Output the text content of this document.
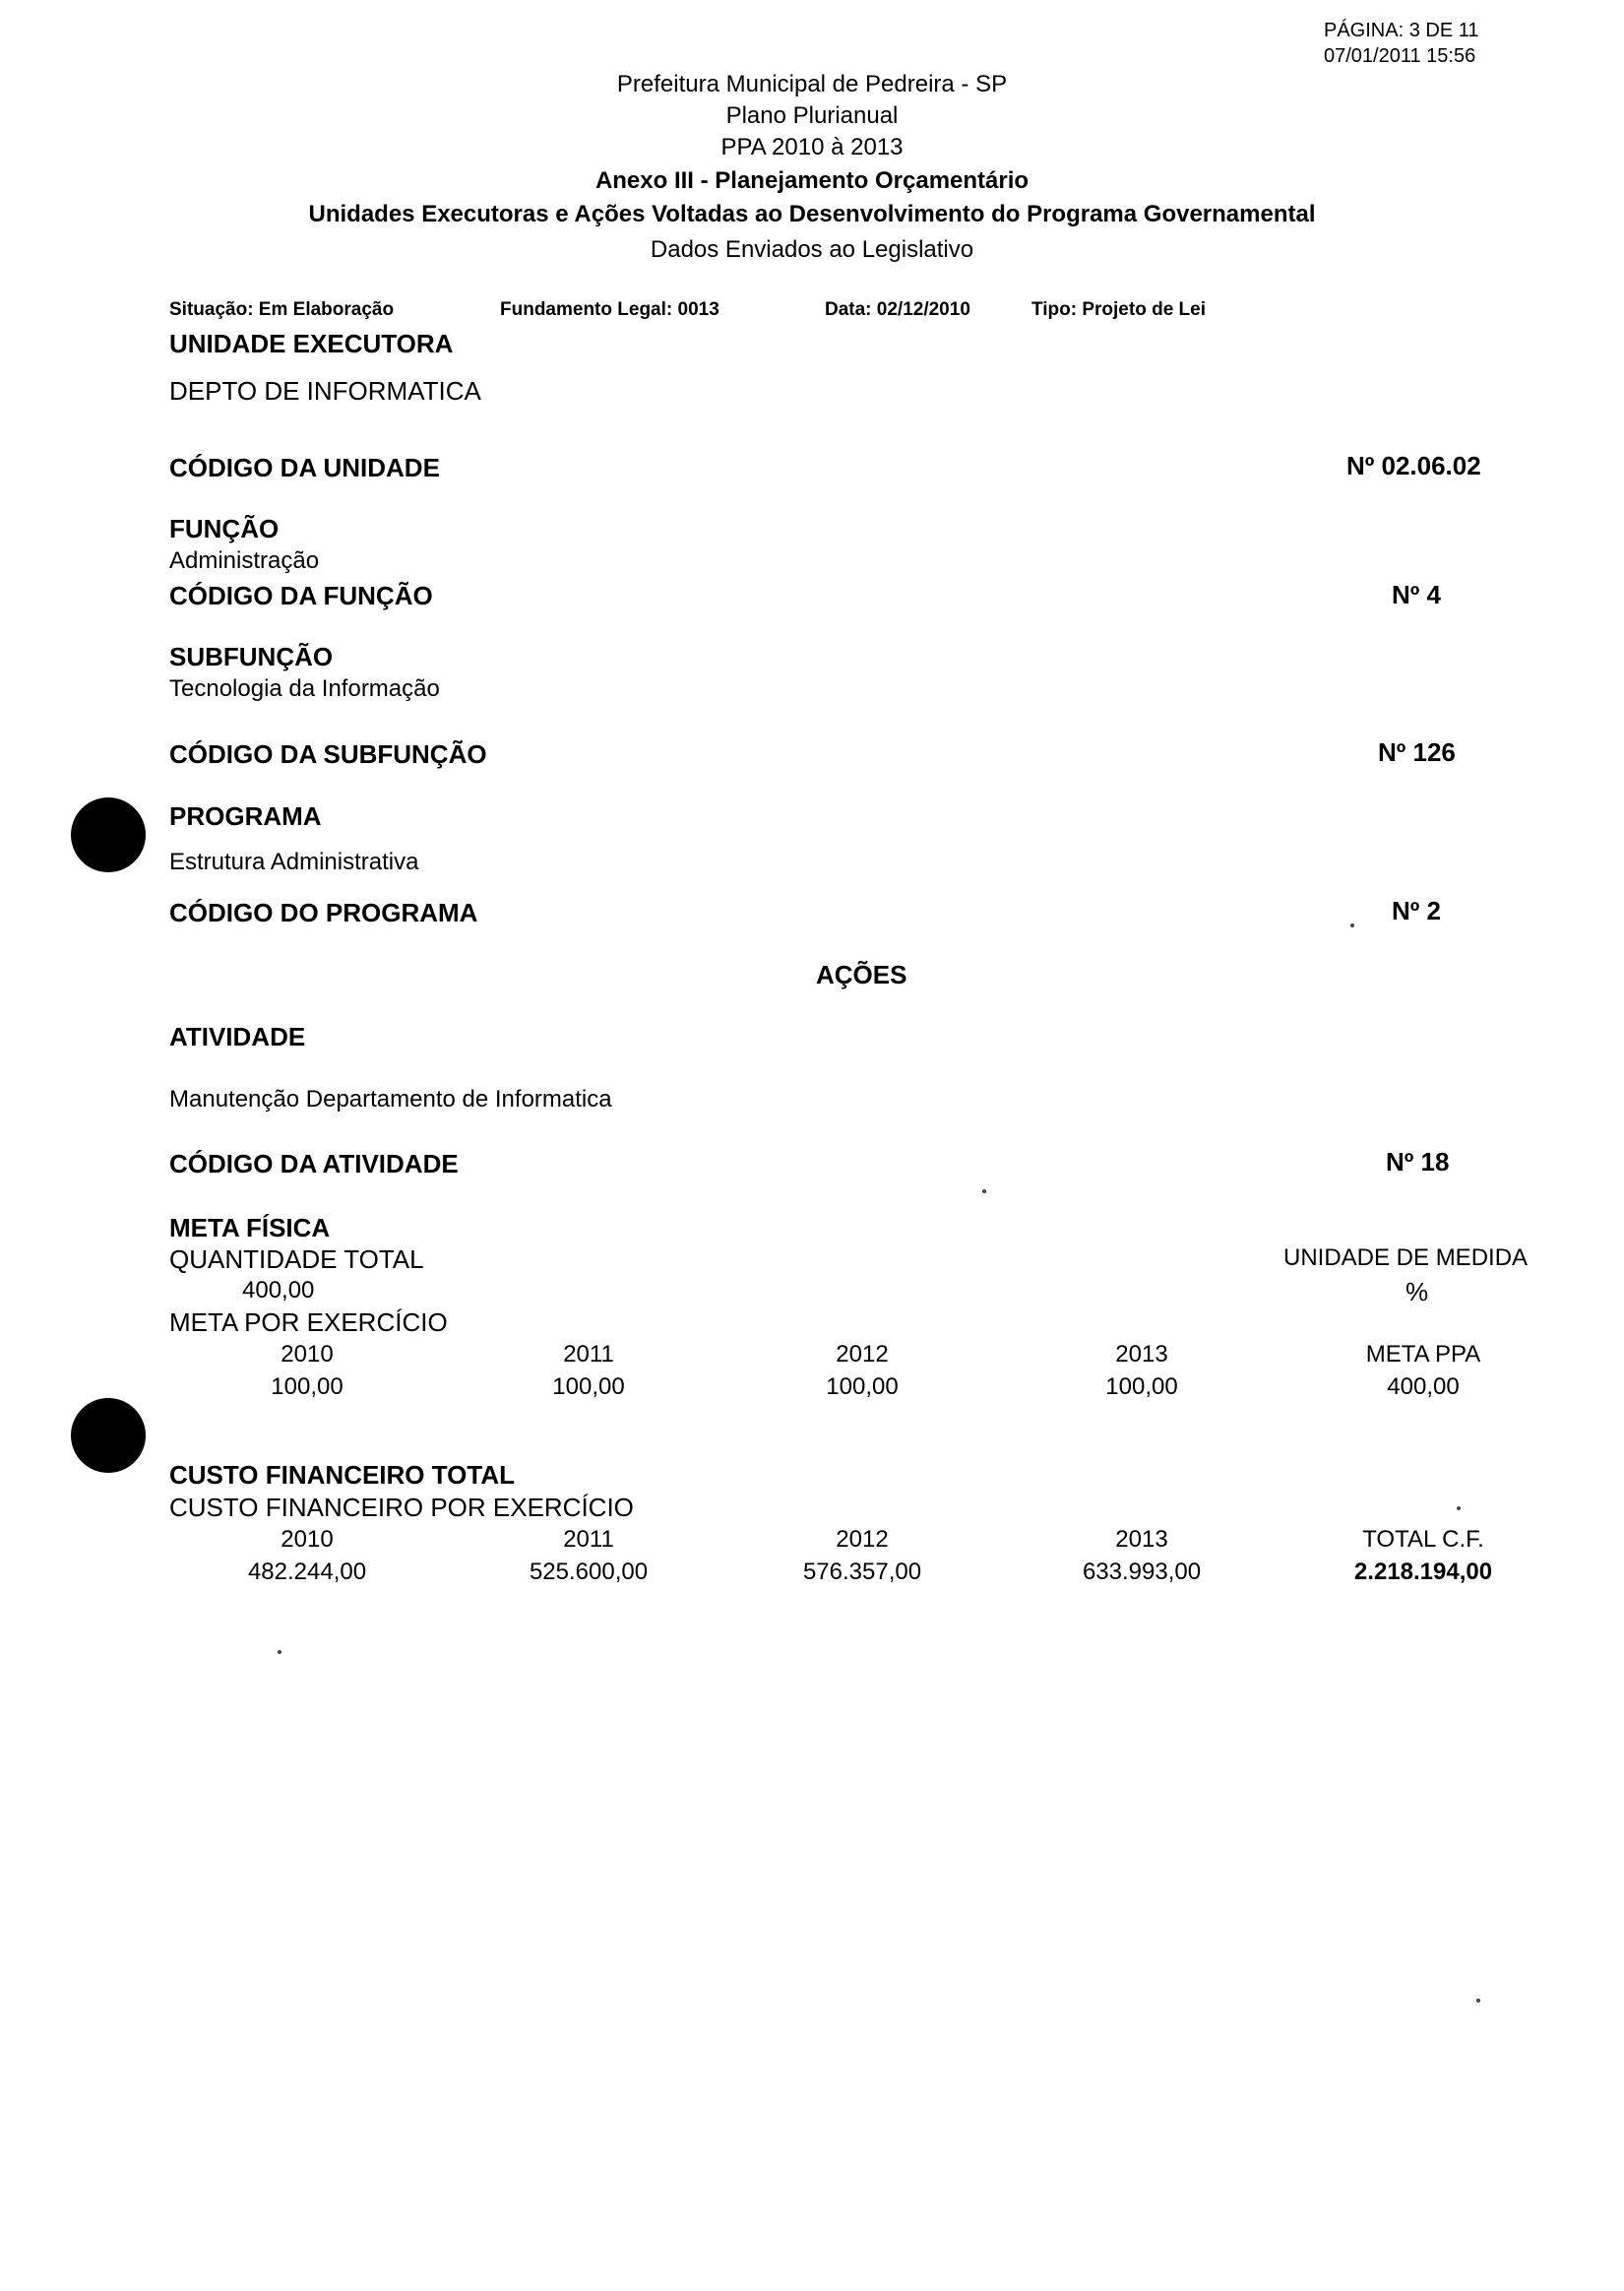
PÁGINA: 3 DE 11
07/01/2011 15:56
Prefeitura Municipal de Pedreira - SP
Plano Plurianual
PPA 2010 à 2013
Anexo III - Planejamento Orçamentário
Unidades Executoras e Ações Voltadas ao Desenvolvimento do Programa Governamental
Dados Enviados ao Legislativo
Situação: Em Elaboração	Fundamento Legal: 0013	Data: 02/12/2010	Tipo: Projeto de Lei
UNIDADE EXECUTORA
DEPTO DE INFORMATICA
CÓDIGO DA UNIDADE	Nº 02.06.02
FUNÇÃO
Administração
CÓDIGO DA FUNÇÃO	Nº 4
SUBFUNÇÃO
Tecnologia da Informação
CÓDIGO DA SUBFUNÇÃO	Nº 126
PROGRAMA
Estrutura Administrativa
CÓDIGO DO PROGRAMA	Nº 2
AÇÕES
ATIVIDADE
Manutenção Departamento de Informatica
CÓDIGO DA ATIVIDADE	Nº 18
META FÍSICA
QUANTIDADE TOTAL	UNIDADE DE MEDIDA
400,00	%
META POR EXERCÍCIO
2010	2011	2012	2013	META PPA
100,00	100,00	100,00	100,00	400,00
CUSTO FINANCEIRO TOTAL
CUSTO FINANCEIRO POR EXERCÍCIO
2010	2011	2012	2013	TOTAL C.F.
482.244,00	525.600,00	576.357,00	633.993,00	2.218.194,00
